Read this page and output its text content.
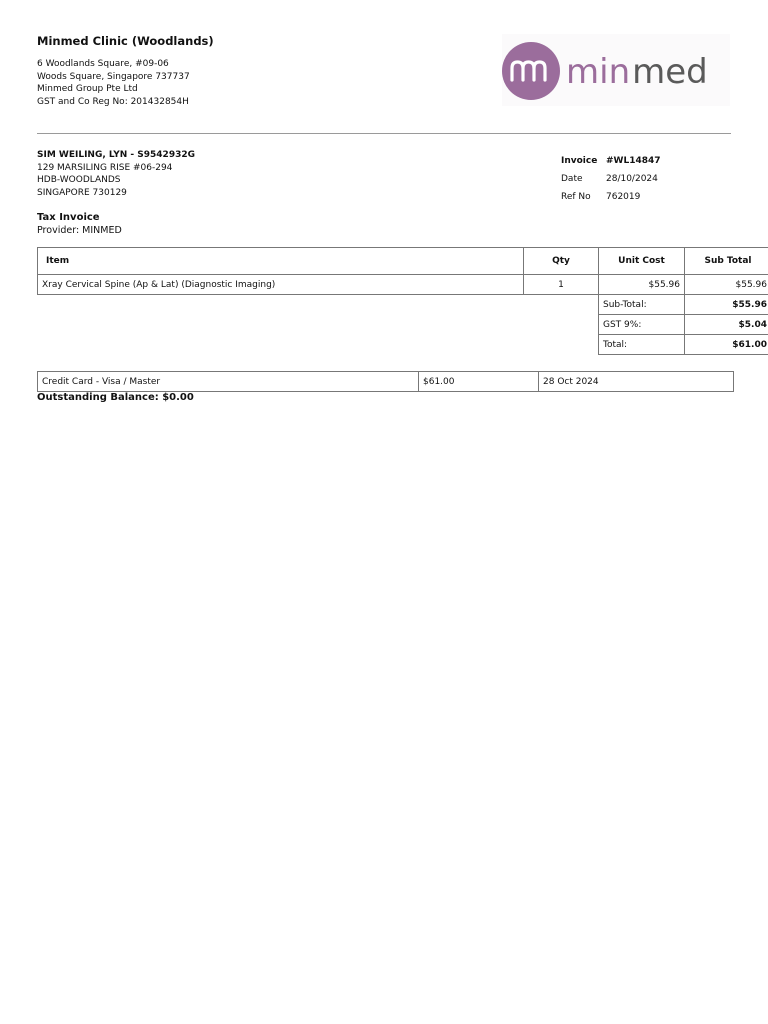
Minmed Clinic (Woodlands)
6 Woodlands Square, #09-06
Woods Square, Singapore 737737
Minmed Group Pte Ltd
GST and Co Reg No: 201432854H
min med
SIM WEILING, LYN - S9542932G
129 MARSILING RISE #06-294
HDB-WOODLANDS
SINGAPORE 730129
Invoice #WL14847
Date	28/10/2024
Ref No	762019
Tax Invoice
Provider: MINMED
Item	Qty	Unit Cost	Sub Total
Xray Cervical Spine (Ap & Lat) (Diagnostic Imaging)	1	$55.96	$55.96
		Sub-Total:	$55.96
		GST 9%:	$5.04
		Total:	$61.00
Credit Card - Visa / Master	$61.00	28 Oct 2024
Outstanding Balance: $0.00
